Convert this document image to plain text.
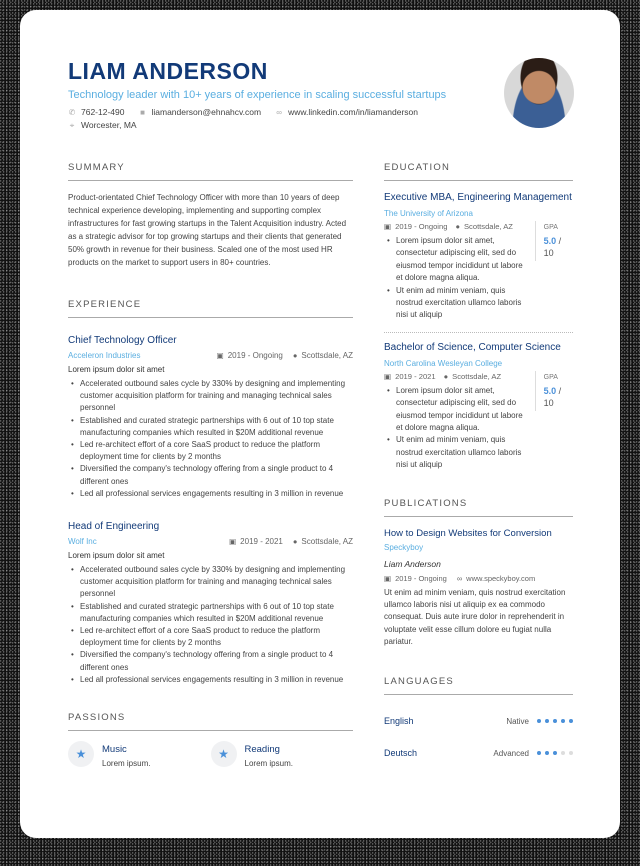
LIAM ANDERSON
Technology leader with 10+ years of experience in scaling successful startups
✆ 762-12-490 ■ liamanderson@ehnahcv.com ∞ www.linkedin.com/in/liamanderson
⌖ Worcester, MA
SUMMARY
Product-orientated Chief Technology Officer with more than 10 years of deep technical experience developing, implementing and supporting complex infrastructures for fast growing startups in the Talent Acquisition industry. Acted as a strategic advisor for top growing startups and their clients that generated 50% growth in revenue for their business. Scaled one of the most used HR products on the market to support users in 80+ countries.
EXPERIENCE
Chief Technology Officer
Acceleron Industries	▣ 2019 - Ongoing ● Scottsdale, AZ
Lorem ipsum dolor sit amet
• Accelerated outbound sales cycle by 330% by designing and implementing customer acquisition platform for training and managing technical sales personnel
• Established and curated strategic partnerships with 6 out of 10 top state manufacturing companies which resulted in $20M additional revenue
• Led re-architect effort of a core SaaS product to reduce the platform deployment time for clients by 2 months
• Diversified the company's technology offering from a single product to 4 different ones
• Led all professional services engagements resulting in 3 million in revenue
Head of Engineering
Wolf Inc	▣ 2019 - 2021 ● Scottsdale, AZ
Lorem ipsum dolor sit amet
• Accelerated outbound sales cycle by 330% by designing and implementing customer acquisition platform for training and managing technical sales personnel
• Established and curated strategic partnerships with 6 out of 10 top state manufacturing companies which resulted in $20M additional revenue
• Led re-architect effort of a core SaaS product to reduce the platform deployment time for clients by 2 months
• Diversified the company's technology offering from a single product to 4 different ones
• Led all professional services engagements resulting in 3 million in revenue
PASSIONS
★	Music
Lorem ipsum.
★	Reading
Lorem ipsum.
EDUCATION
Executive MBA, Engineering Management
The University of Arizona
▣ 2019 - Ongoing ● Scottsdale, AZ
• Lorem ipsum dolor sit amet, consectetur adipiscing elit, sed do eiusmod tempor incididunt ut labore et dolore magna aliqua.
• Ut enim ad minim veniam, quis nostrud exercitation ullamco laboris nisi ut aliquip
GPA
5.0 / 10
Bachelor of Science, Computer Science
North Carolina Wesleyan College
▣ 2019 - 2021 ● Scottsdale, AZ
• Lorem ipsum dolor sit amet, consectetur adipiscing elit, sed do eiusmod tempor incididunt ut labore et dolore magna aliqua.
• Ut enim ad minim veniam, quis nostrud exercitation ullamco laboris nisi ut aliquip
GPA
5.0 / 10
PUBLICATIONS
How to Design Websites for Conversion
Speckyboy
Liam Anderson
▣ 2019 - Ongoing ∞ www.speckyboy.com
Ut enim ad minim veniam, quis nostrud exercitation ullamco laboris nisi ut aliquip ex ea commodo consequat. Duis aute irure dolor in reprehenderit in voluptate velit esse cillum dolore eu fugiat nulla pariatur.
LANGUAGES
English	Native
Deutsch	Advanced
